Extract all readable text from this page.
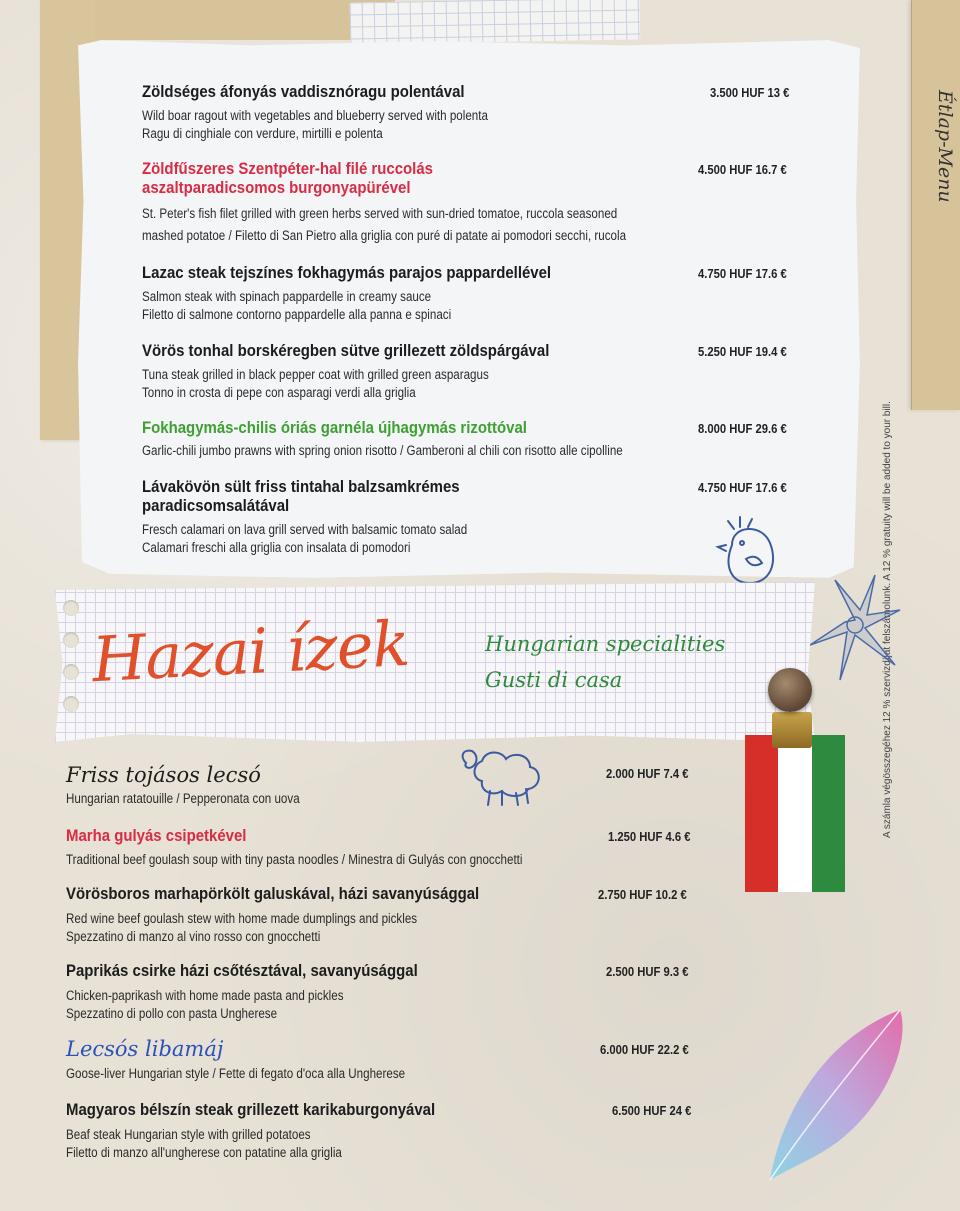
Étlap-Menu
A számla végösszegéhez 12 % szervizdíjat felszámolunk. A 12 % gratuity will be added to your bill.
Zöldséges áfonyás vaddisznóragu polentával
Wild boar ragout with vegetables and blueberry served with polenta
Ragu di cinghiale con verdure, mirtilli e polenta
3.500 HUF 13 €
Zöldfűszeres Szentpéter-hal filé ruccolás
aszaltparadicsomos burgonyapürével
St. Peter's fish filet grilled with green herbs served with sun-dried tomatoe, ruccola seasoned
mashed potatoe / Filetto di San Pietro alla griglia con puré di patate ai pomodori secchi, rucola
4.500 HUF 16.7 €
Lazac steak tejszínes fokhagymás parajos pappardellével
Salmon steak with spinach pappardelle in creamy sauce
Filetto di salmone contorno pappardelle alla panna e spinaci
4.750 HUF 17.6 €
Vörös tonhal borskéregben sütve grillezett zöldspárgával
Tuna steak grilled in black pepper coat with grilled green asparagus
Tonno in crosta di pepe con asparagi verdi alla griglia
5.250 HUF 19.4 €
Fokhagymás-chilis óriás garnéla újhagymás rizottóval
Garlic-chili jumbo prawns with spring onion risotto / Gamberoni al chili con risotto alle cipolline
8.000 HUF 29.6 €
Lávakövön sült friss tintahal balzsamkrémes
paradicsomsalátával
Fresch calamari on lava grill served with balsamic tomato salad
Calamari freschi alla griglia con insalata di pomodori
4.750 HUF 17.6 €
Hazai ízek	Hungarian specialities
Gusti di casa
Friss tojásos lecsó
Hungarian ratatouille / Pepperonata con uova
2.000 HUF 7.4 €
Marha gulyás csipetkével
Traditional beef goulash soup with tiny pasta noodles / Minestra di Gulyás con gnocchetti
1.250 HUF 4.6 €
Vörösboros marhapörkölt galuskával, házi savanyúsággal
Red wine beef goulash stew with home made dumplings and pickles
Spezzatino di manzo al vino rosso con gnocchetti
2.750 HUF 10.2 €
Paprikás csirke házi csőtésztával, savanyúsággal
Chicken-paprikash with home made pasta and pickles
Spezzatino di pollo con pasta Ungherese
2.500 HUF 9.3 €
Lecsós libamáj
Goose-liver Hungarian style / Fette di fegato d'oca alla Ungherese
6.000 HUF 22.2 €
Magyaros bélszín steak grillezett karikaburgonyával
Beaf steak Hungarian style with grilled potatoes
Filetto di manzo all'ungherese con patatine alla griglia
6.500 HUF 24 €
